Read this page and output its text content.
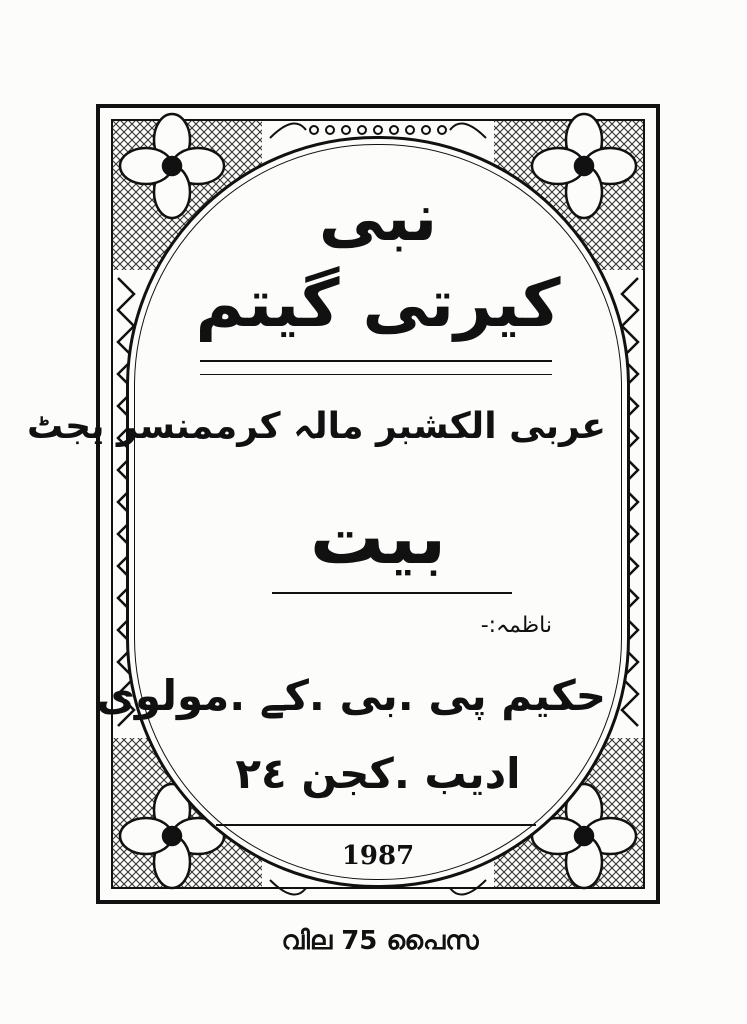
نبی
کیرتی گیتم
عربی الکشبر مالہ کرممنسر یجٹ
بیت
ناظمہ:-
حکیم پی .بی .کے .مولوی
ادیب .کجن ٢٤
1987
വില 75 പൈസ
